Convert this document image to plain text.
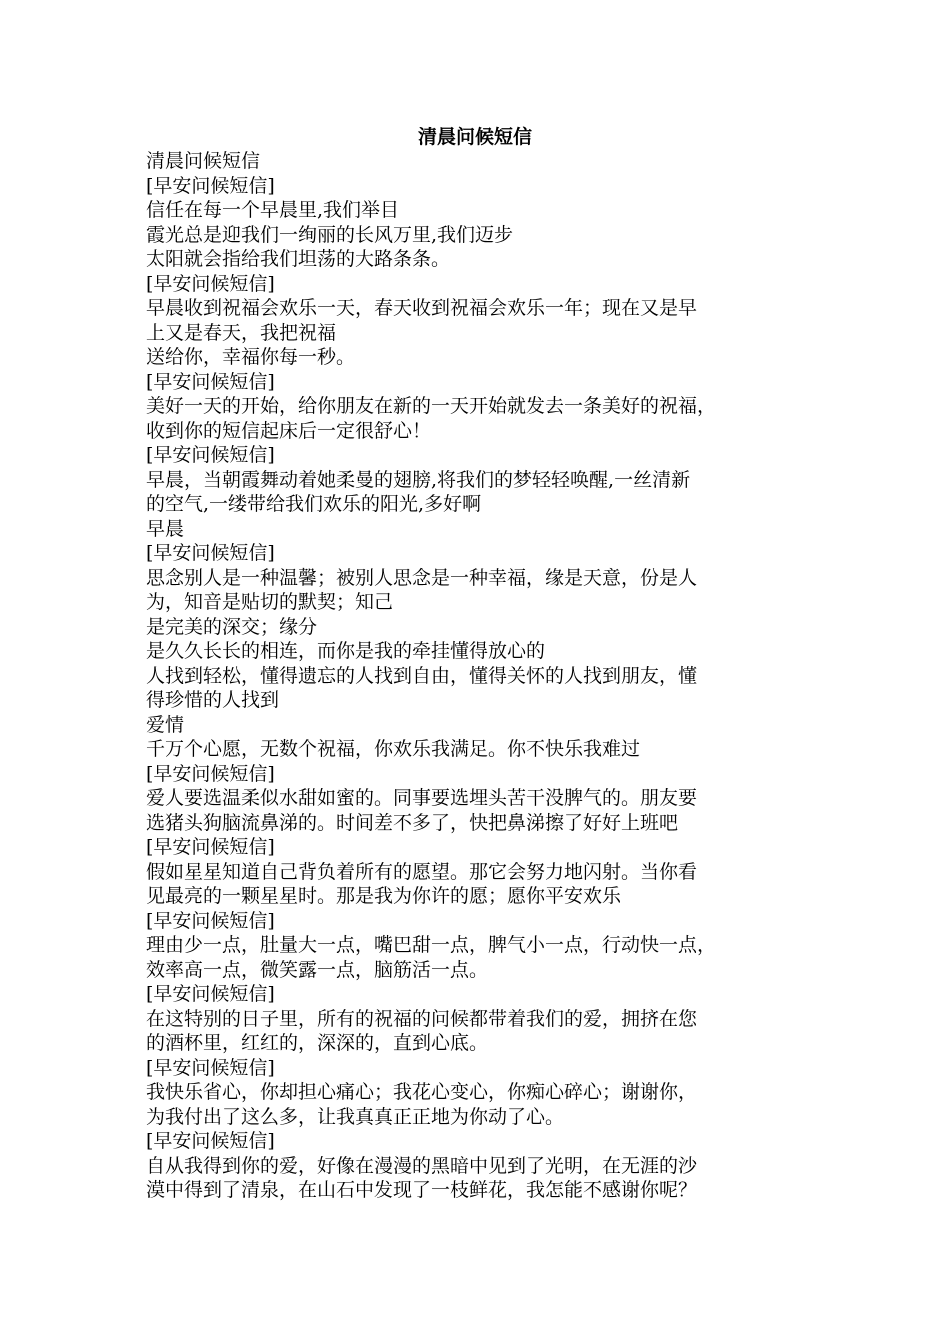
清晨问候短信
清晨问候短信
[早安问候短信]
信任在每一个早晨里,我们举目
霞光总是迎我们一绚丽的长风万里,我们迈步
太阳就会指给我们坦荡的大路条条。
[早安问候短信]
早晨收到祝福会欢乐一天，春天收到祝福会欢乐一年；现在又是早
上又是春天，我把祝福
送给你，幸福你每一秒。
[早安问候短信]
美好一天的开始，给你朋友在新的一天开始就发去一条美好的祝福，
收到你的短信起床后一定很舒心！
[早安问候短信]
早晨，当朝霞舞动着她柔曼的翅膀,将我们的梦轻轻唤醒,一丝清新
的空气,一缕带给我们欢乐的阳光,多好啊
早晨
[早安问候短信]
思念别人是一种温馨；被别人思念是一种幸福，缘是天意，份是人
为，知音是贴切的默契；知己
是完美的深交；缘分
是久久长长的相连，而你是我的牵挂懂得放心的
人找到轻松，懂得遗忘的人找到自由，懂得关怀的人找到朋友，懂
得珍惜的人找到
爱情
千万个心愿，无数个祝福，你欢乐我满足。你不快乐我难过
[早安问候短信]
爱人要选温柔似水甜如蜜的。同事要选埋头苦干没脾气的。朋友要
选猪头狗脑流鼻涕的。时间差不多了，快把鼻涕擦了好好上班吧
[早安问候短信]
假如星星知道自己背负着所有的愿望。那它会努力地闪射。当你看
见最亮的一颗星星时。那是我为你许的愿；愿你平安欢乐
[早安问候短信]
理由少一点，肚量大一点，嘴巴甜一点，脾气小一点，行动快一点，
效率高一点，微笑露一点，脑筋活一点。
[早安问候短信]
在这特别的日子里，所有的祝福的问候都带着我们的爱，拥挤在您
的酒杯里，红红的，深深的，直到心底。
[早安问候短信]
我快乐省心，你却担心痛心；我花心变心，你痴心碎心；谢谢你，
为我付出了这么多，让我真真正正地为你动了心。
[早安问候短信]
自从我得到你的爱，好像在漫漫的黑暗中见到了光明，在无涯的沙
漠中得到了清泉，在山石中发现了一枝鲜花，我怎能不感谢你呢？
